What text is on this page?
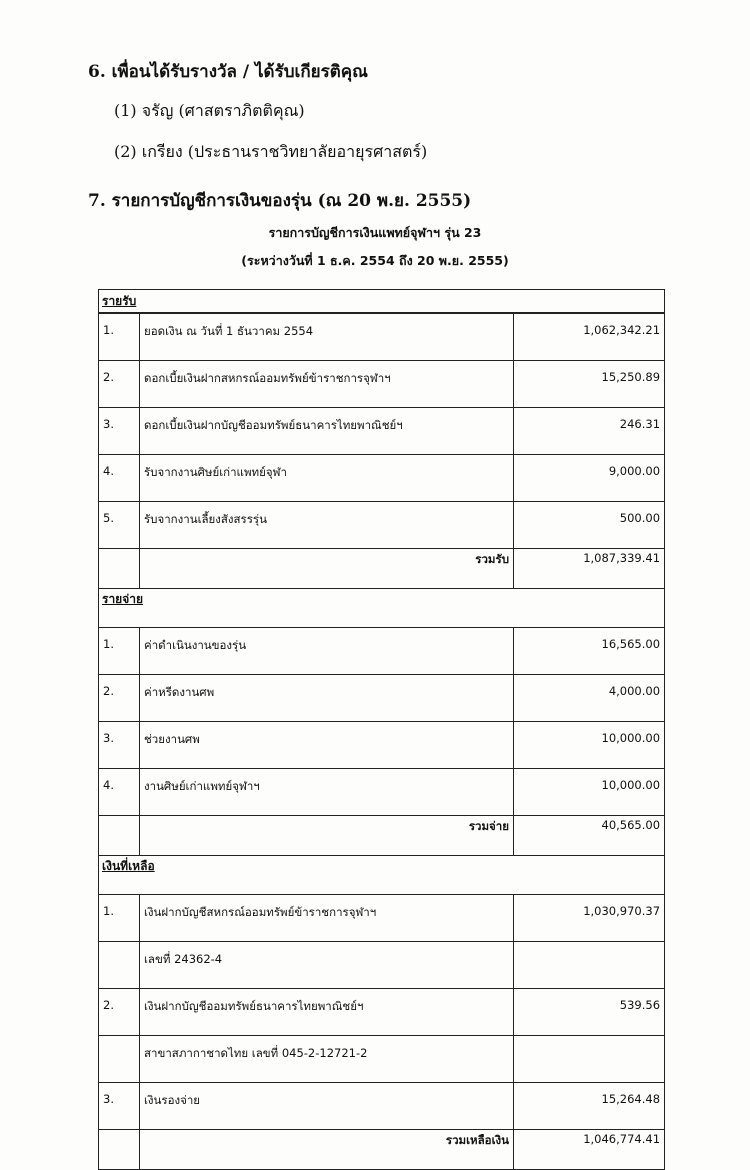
6. เพื่อนได้รับรางวัล / ได้รับเกียรติคุณ
(1) จรัญ (ศาสตราภิตติคุณ)
(2) เกรียง (ประธานราชวิทยาลัยอายุรศาสตร์)
7. รายการบัญชีการเงินของรุ่น (ณ 20 พ.ย. 2555)
รายการบัญชีการเงินแพทย์จุฬาฯ รุ่น 23
(ระหว่างวันที่ 1 ธ.ค. 2554 ถึง 20 พ.ย. 2555)
รายรับ		

1.	ยอดเงิน ณ วันที่ 1 ธันวาคม 2554	1,062,342.21
2.	ดอกเบี้ยเงินฝากสหกรณ์ออมทรัพย์ข้าราชการจุฬาฯ	15,250.89
3.	ดอกเบี้ยเงินฝากบัญชีออมทรัพย์ธนาคารไทยพาณิชย์ฯ	246.31
4.	รับจากงานศิษย์เก่าแพทย์จุฬา	9,000.00
5.	รับจากงานเลี้ยงสังสรรรุ่น	500.00
	รวมรับ	1,087,339.41
รายจ่าย		
1.	ค่าดำเนินงานของรุ่น	16,565.00
2.	ค่าหรีดงานศพ	4,000.00
3.	ช่วยงานศพ	10,000.00
4.	งานศิษย์เก่าแพทย์จุฬาฯ	10,000.00
	รวมจ่าย	40,565.00
เงินที่เหลือ		
1.	เงินฝากบัญชีสหกรณ์ออมทรัพย์ข้าราชการจุฬาฯ	1,030,970.37
	เลขที่ 24362-4	
2.	เงินฝากบัญชีออมทรัพย์ธนาคารไทยพาณิชย์ฯ	539.56
	สาขาสภากาชาดไทย เลขที่ 045-2-12721-2	
3.	เงินรองจ่าย	15,264.48
	รวมเหลือเงิน	1,046,774.41
